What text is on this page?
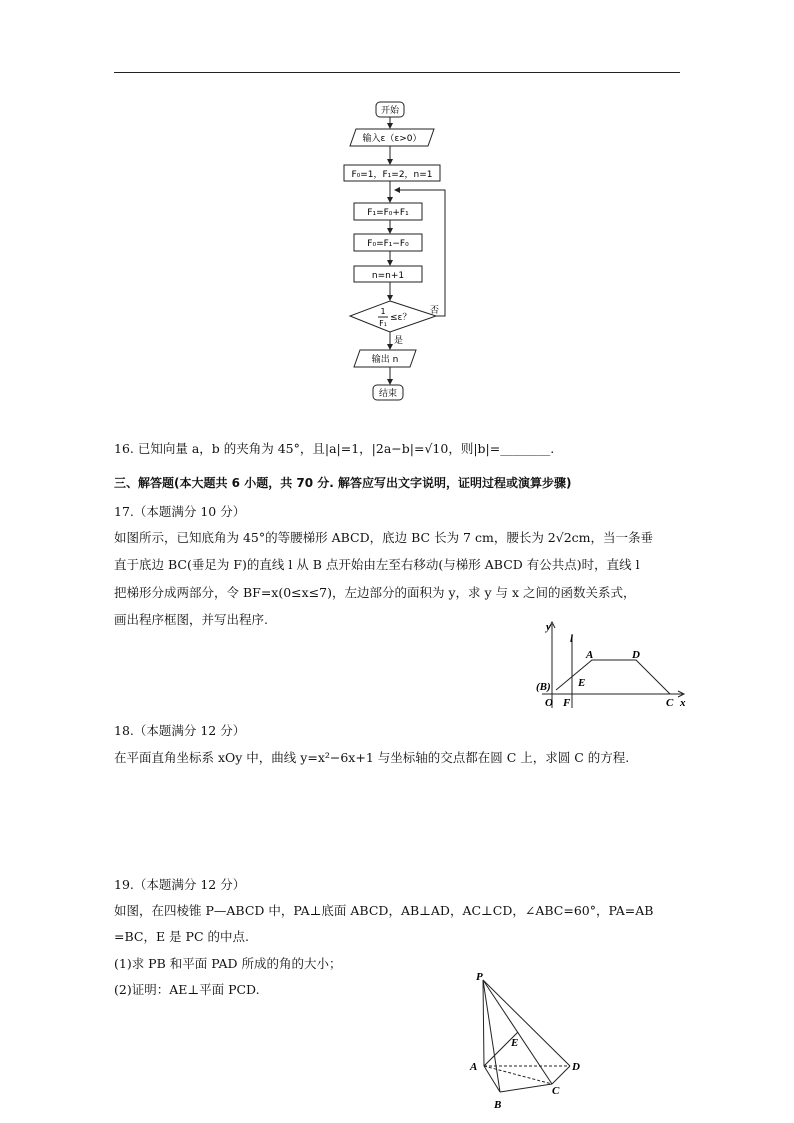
开始
输入ε（ε>0）
F₀=1，F₁=2，n=1
F₁=F₀+F₁
F₀=F₁−F₀
n=n+1
1
F₁
≤ε？
否
是
输出 n
结束
16. 已知向量 a，b 的夹角为 45°，且|a|=1，|2a−b|=√10，则|b|=________.
三、解答题(本大题共 6 小题，共 70 分. 解答应写出文字说明，证明过程或演算步骤)
17.（本题满分 10 分）
如图所示，已知底角为 45°的等腰梯形 ABCD，底边 BC 长为 7 cm，腰长为 2√2cm，当一条垂
直于底边 BC(垂足为 F)的直线 l 从 B 点开始由左至右移动(与梯形 ABCD 有公共点)时，直线 l
把梯形分成两部分，令 BF=x(0≤x≤7)，左边部分的面积为 y，求 y 与 x 之间的函数关系式，
画出程序框图，并写出程序.	y
l
A	D
E
(B)
O F	C x
18.（本题满分 12 分）
在平面直角坐标系 xOy 中，曲线 y=x²−6x+1 与坐标轴的交点都在圆 C 上，求圆 C 的方程.
19.（本题满分 12 分）
如图，在四棱锥 P—ABCD 中，PA⊥底面 ABCD，AB⊥AD，AC⊥CD，∠ABC=60°，PA=AB
=BC，E 是 PC 的中点.
(1)求 PB 和平面 PAD 所成的角的大小；
(2)证明：AE⊥平面 PCD.
P
E
A	D
C
B
